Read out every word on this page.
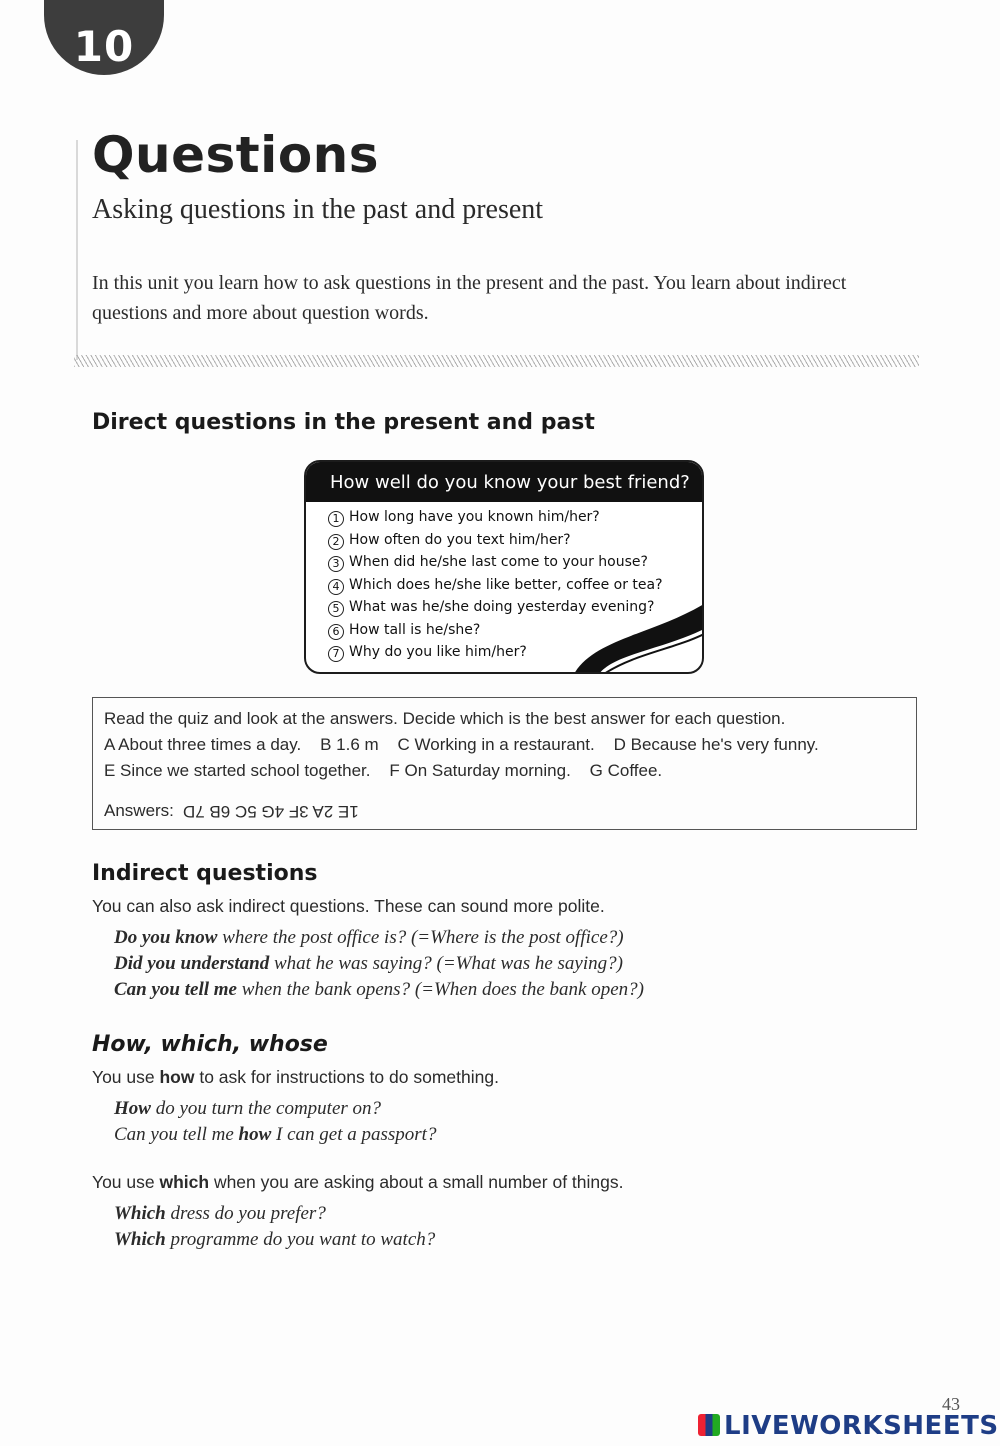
10
Questions
Asking questions in the past and present

In this unit you learn how to ask questions in the present and the past. You learn about indirect questions and more about question words.

Direct questions in the present and past
How well do you know your best friend?
1 How long have you known him/her?
2 How often do you text him/her?
3 When did he/she last come to your house?
4 Which does he/she like better, coffee or tea?
5 What was he/she doing yesterday evening?
6 How tall is he/she?
7 Why do you like him/her?
Read the quiz and look at the answers. Decide which is the best answer for each question.
A About three times a day.    B 1.6 m    C Working in a restaurant.    D Because he's very funny.
E Since we started school together.    F On Saturday morning.    G Coffee.
Answers: 1E 2A 3F 4G 5C 6B 7D
Indirect questions

You can also ask indirect questions. These can sound more polite.

Do you know where the post office is? (=Where is the post office?)

Did you understand what he was saying? (=What was he saying?)

Can you tell me when the bank opens? (=When does the bank open?)

How, which, whose

You use how to ask for instructions to do something.

How do you turn the computer on?

Can you tell me how I can get a passport?

You use which when you are asking about a small number of things.

Which dress do you prefer?

Which programme do you want to watch?

43
LIVEWORKSHEETS
